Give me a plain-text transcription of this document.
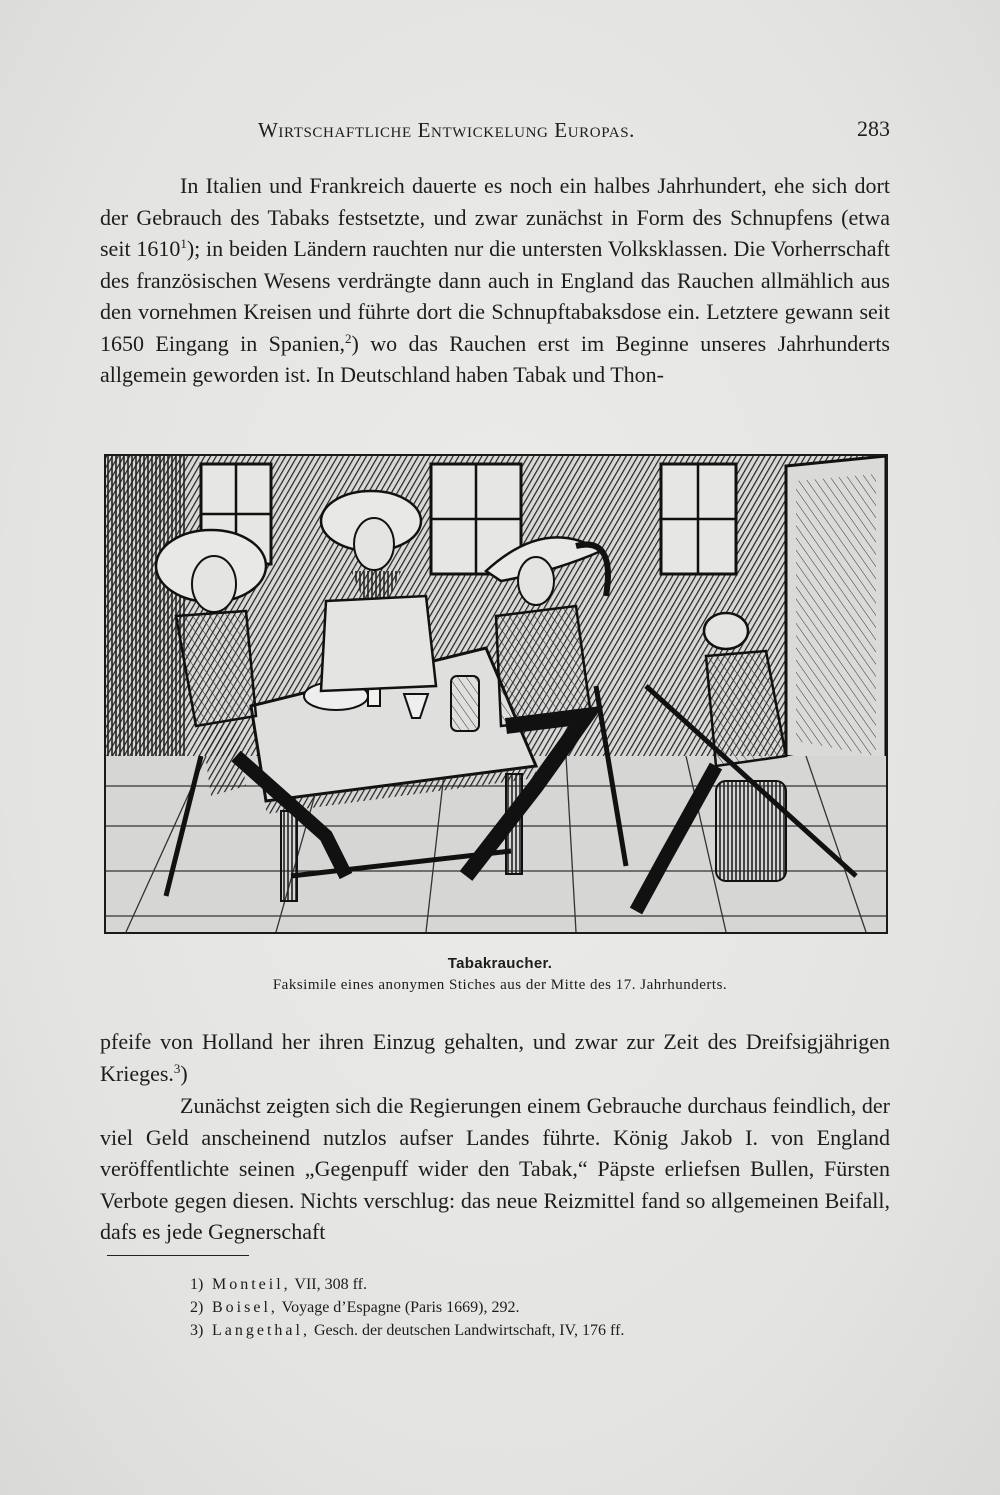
Wirtschaftliche Entwickelung Europas.	283

In Italien und Frankreich dauerte es noch ein halbes Jahrhundert, ehe sich dort der Gebrauch des Tabaks festsetzte, und zwar zunächst in Form des Schnupfens (etwa seit 1610$^1$); in beiden Ländern rauchten nur die untersten Volksklassen. Die Vorherrschaft des französischen Wesens verdrängte dann auch in England das Rauchen allmählich aus den vornehmen Kreisen und führte dort die Schnupftabaksdose ein. Letztere gewann seit 1650 Eingang in Spanien,$^2$) wo das Rauchen erst im Beginne unseres Jahrhunderts allgemein geworden ist. In Deutschland haben Tabak und Thon-

Tabakraucher.
Faksimile eines anonymen Stiches aus der Mitte des 17. Jahrhunderts.

pfeife von Holland her ihren Einzug gehalten, und zwar zur Zeit des Dreifsigjährigen Krieges.$^3$)

Zunächst zeigten sich die Regierungen einem Gebrauche durchaus feindlich, der viel Geld anscheinend nutzlos aufser Landes führte. König Jakob I. von England veröffentlichte seinen „Gegenpuff wider den Tabak,“ Päpste erliefsen Bullen, Fürsten Verbote gegen diesen. Nichts verschlug: das neue Reizmittel fand so allgemeinen Beifall, dafs es jede Gegnerschaft

1) Monteil, VII, 308 ff.
2) Boisel, Voyage d’Espagne (Paris 1669), 292.
3) Langethal, Gesch. der deutschen Landwirtschaft, IV, 176 ff.
